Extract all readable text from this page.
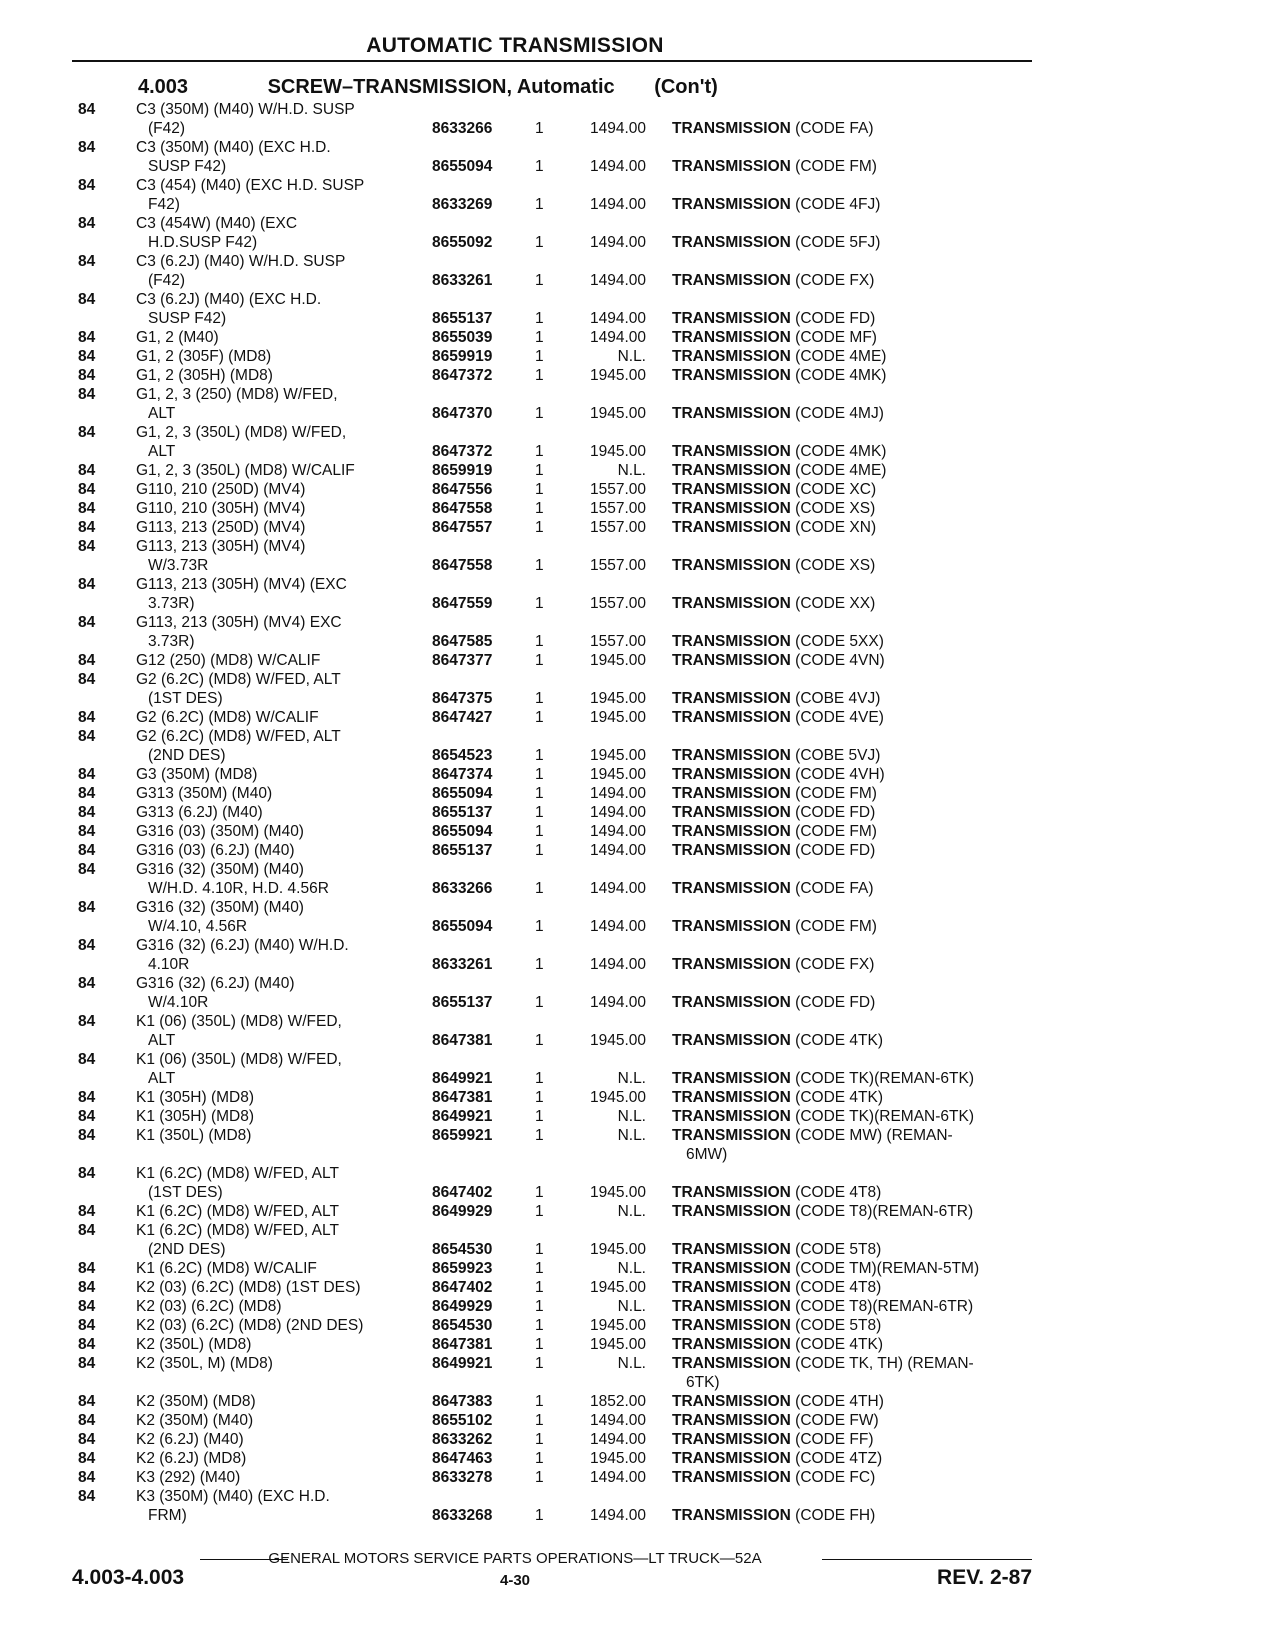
AUTOMATIC TRANSMISSION
4.003	SCREW–TRANSMISSION, Automatic (Con't)
84	C3 (350M) (M40) W/H.D. SUSP
(F42)	8633266	1	1494.00 TRANSMISSION (CODE FA)
84	C3 (350M) (M40) (EXC H.D.
SUSP F42)	8655094	1	1494.00 TRANSMISSION (CODE FM)
84	C3 (454) (M40) (EXC H.D. SUSP
F42)	8633269	1	1494.00 TRANSMISSION (CODE 4FJ)
84	C3 (454W) (M40) (EXC
H.D.SUSP F42)	8655092	1	1494.00 TRANSMISSION (CODE 5FJ)
84	C3 (6.2J) (M40) W/H.D. SUSP
(F42)	8633261	1	1494.00 TRANSMISSION (CODE FX)
84	C3 (6.2J) (M40) (EXC H.D.
SUSP F42)	8655137	1	1494.00 TRANSMISSION (CODE FD)
84	G1, 2 (M40)	8655039	1	1494.00 TRANSMISSION (CODE MF)
84	G1, 2 (305F) (MD8)	8659919	1	N.L. TRANSMISSION (CODE 4ME)
84	G1, 2 (305H) (MD8)	8647372	1	1945.00 TRANSMISSION (CODE 4MK)
84	G1, 2, 3 (250) (MD8) W/FED,
ALT	8647370	1	1945.00 TRANSMISSION (CODE 4MJ)
84	G1, 2, 3 (350L) (MD8) W/FED,
ALT	8647372	1	1945.00 TRANSMISSION (CODE 4MK)
84	G1, 2, 3 (350L) (MD8) W/CALIF	8659919	1	N.L. TRANSMISSION (CODE 4ME)
84	G110, 210 (250D) (MV4)	8647556	1	1557.00 TRANSMISSION (CODE XC)
84	G110, 210 (305H) (MV4)	8647558	1	1557.00 TRANSMISSION (CODE XS)
84	G113, 213 (250D) (MV4)	8647557	1	1557.00 TRANSMISSION (CODE XN)
84	G113, 213 (305H) (MV4)
W/3.73R	8647558	1	1557.00 TRANSMISSION (CODE XS)
84	G113, 213 (305H) (MV4) (EXC
3.73R)	8647559	1	1557.00 TRANSMISSION (CODE XX)
84	G113, 213 (305H) (MV4) EXC
3.73R)	8647585	1	1557.00 TRANSMISSION (CODE 5XX)
84	G12 (250) (MD8) W/CALIF	8647377	1	1945.00 TRANSMISSION (CODE 4VN)
84	G2 (6.2C) (MD8) W/FED, ALT
(1ST DES)	8647375	1	1945.00 TRANSMISSION (COBE 4VJ)
84	G2 (6.2C) (MD8) W/CALIF	8647427	1	1945.00 TRANSMISSION (CODE 4VE)
84	G2 (6.2C) (MD8) W/FED, ALT
(2ND DES)	8654523	1	1945.00 TRANSMISSION (COBE 5VJ)
84	G3 (350M) (MD8)	8647374	1	1945.00 TRANSMISSION (CODE 4VH)
84	G313 (350M) (M40)	8655094	1	1494.00 TRANSMISSION (CODE FM)
84	G313 (6.2J) (M40)	8655137	1	1494.00 TRANSMISSION (CODE FD)
84	G316 (03) (350M) (M40)	8655094	1	1494.00 TRANSMISSION (CODE FM)
84	G316 (03) (6.2J) (M40)	8655137	1	1494.00 TRANSMISSION (CODE FD)
84	G316 (32) (350M) (M40)
W/H.D. 4.10R, H.D. 4.56R	8633266	1	1494.00 TRANSMISSION (CODE FA)
84	G316 (32) (350M) (M40)
W/4.10, 4.56R	8655094	1	1494.00 TRANSMISSION (CODE FM)
84	G316 (32) (6.2J) (M40) W/H.D.
4.10R	8633261	1	1494.00 TRANSMISSION (CODE FX)
84	G316 (32) (6.2J) (M40)
W/4.10R	8655137	1	1494.00 TRANSMISSION (CODE FD)
84	K1 (06) (350L) (MD8) W/FED,
ALT	8647381	1	1945.00 TRANSMISSION (CODE 4TK)
84	K1 (06) (350L) (MD8) W/FED,
ALT	8649921	1	N.L. TRANSMISSION (CODE TK)(REMAN-6TK)
84	K1 (305H) (MD8)	8647381	1	1945.00 TRANSMISSION (CODE 4TK)
84	K1 (305H) (MD8)	8649921	1	N.L. TRANSMISSION (CODE TK)(REMAN-6TK)
84	K1 (350L) (MD8)	8659921	1	N.L. TRANSMISSION (CODE MW) (REMAN-
6MW)
84	K1 (6.2C) (MD8) W/FED, ALT
(1ST DES)	8647402	1	1945.00 TRANSMISSION (CODE 4T8)
84	K1 (6.2C) (MD8) W/FED, ALT	8649929	1	N.L. TRANSMISSION (CODE T8)(REMAN-6TR)
84	K1 (6.2C) (MD8) W/FED, ALT
(2ND DES)	8654530	1	1945.00 TRANSMISSION (CODE 5T8)
84	K1 (6.2C) (MD8) W/CALIF	8659923	1	N.L. TRANSMISSION (CODE TM)(REMAN-5TM)
84	K2 (03) (6.2C) (MD8) (1ST DES)	8647402	1	1945.00 TRANSMISSION (CODE 4T8)
84	K2 (03) (6.2C) (MD8)	8649929	1	N.L. TRANSMISSION (CODE T8)(REMAN-6TR)
84	K2 (03) (6.2C) (MD8) (2ND DES)	8654530	1	1945.00 TRANSMISSION (CODE 5T8)
84	K2 (350L) (MD8)	8647381	1	1945.00 TRANSMISSION (CODE 4TK)
84	K2 (350L, M) (MD8)	8649921	1	N.L. TRANSMISSION (CODE TK, TH) (REMAN-
6TK)
84	K2 (350M) (MD8)	8647383	1	1852.00 TRANSMISSION (CODE 4TH)
84	K2 (350M) (M40)	8655102	1	1494.00 TRANSMISSION (CODE FW)
84	K2 (6.2J) (M40)	8633262	1	1494.00 TRANSMISSION (CODE FF)
84	K2 (6.2J) (MD8)	8647463	1	1945.00 TRANSMISSION (CODE 4TZ)
84	K3 (292) (M40)	8633278	1	1494.00 TRANSMISSION (CODE FC)
84	K3 (350M) (M40) (EXC H.D.
FRM)	8633268	1	1494.00 TRANSMISSION (CODE FH)
GENERAL MOTORS SERVICE PARTS OPERATIONS—LT TRUCK—52A
4.003-4.003	4-30	REV. 2-87
